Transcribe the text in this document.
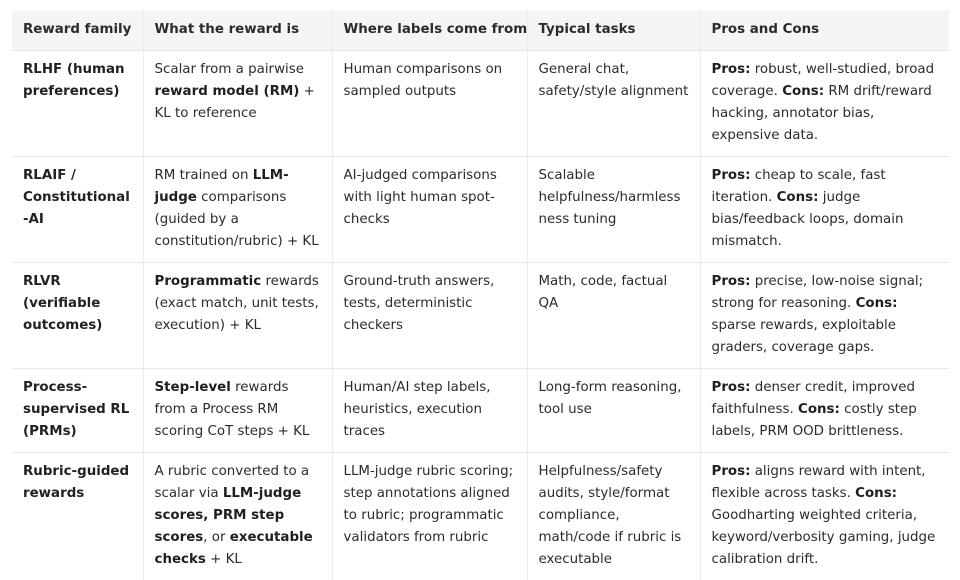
Reward family	What the reward is	Where labels come from	Typical tasks	Pros and Cons
RLHF (human preferences)	Scalar from a pairwise reward model (RM) + KL to reference	Human comparisons on sampled outputs	General chat, safety/style alignment	Pros: robust, well-studied, broad coverage. Cons: RM drift/reward hacking, annotator bias, expensive data.
RLAIF / Constitutional-AI	RM trained on LLM-judge comparisons (guided by a constitution/rubric) + KL	AI-judged comparisons with light human spot-checks	Scalable helpfulness/harmlessness tuning	Pros: cheap to scale, fast iteration. Cons: judge bias/feedback loops, domain mismatch.
RLVR (verifiable outcomes)	Programmatic rewards (exact match, unit tests, execution) + KL	Ground-truth answers, tests, deterministic checkers	Math, code, factual QA	Pros: precise, low-noise signal; strong for reasoning. Cons: sparse rewards, exploitable graders, coverage gaps.
Process-supervised RL (PRMs)	Step-level rewards from a Process RM scoring CoT steps + KL	Human/AI step labels, heuristics, execution traces	Long-form reasoning, tool use	Pros: denser credit, improved faithfulness. Cons: costly step labels, PRM OOD brittleness.
Rubric-guided rewards	A rubric converted to a scalar via LLM-judge scores, PRM step scores, or executable checks + KL	LLM-judge rubric scoring; step annotations aligned to rubric; programmatic validators from rubric	Helpfulness/safety audits, style/format compliance, math/code if rubric is executable	Pros: aligns reward with intent, flexible across tasks. Cons: Goodharting weighted criteria, keyword/verbosity gaming, judge calibration drift.
